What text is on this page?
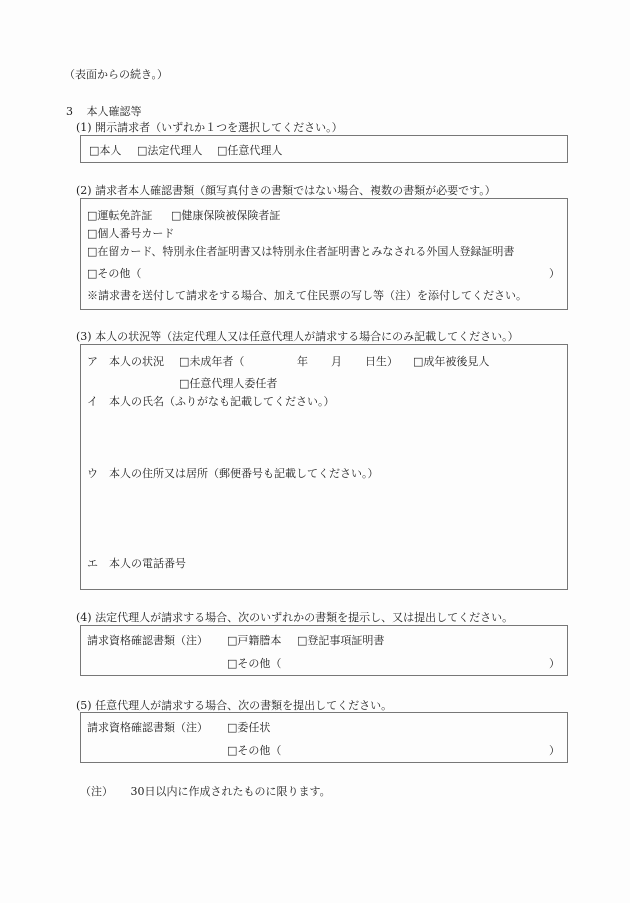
（表面からの続き。）
3 本人確認等
(1) 開示請求者（いずれか１つを選択してください。）
□ 本人	□ 法定代理人	□ 任意代理人
(2) 請求者本人確認書類（顔写真付きの書類ではない場合、複数の書類が必要です。）
□ 運転免許証	□ 健康保険被保険者証
□ 個人番号カード
□ 在留カード、特別永住者証明書又は特別永住者証明書とみなされる外国人登録証明書
□ その他（	）
※請求書を送付して請求をする場合、加えて住民票の写し等（注）を添付してください。
(3) 本人の状況等（法定代理人又は任意代理人が請求する場合にのみ記載してください。）
ア　本人の状況	□ 未成年者（	年 月 日生）	□ 成年被後見人
□ 任意代理人委任者
イ　本人の氏名（ふりがなも記載してください。）
ウ　本人の住所又は居所（郵便番号も記載してください。）
エ　本人の電話番号
(4) 法定代理人が請求する場合、次のいずれかの書類を提示し、又は提出してください。
請求資格確認書類（注）	□ 戸籍謄本	□ 登記事項証明書
□ その他（	）
(5) 任意代理人が請求する場合、次の書類を提出してください。
請求資格確認書類（注）	□ 委任状
□ その他（	）
（注） 30日以内に作成されたものに限ります。
